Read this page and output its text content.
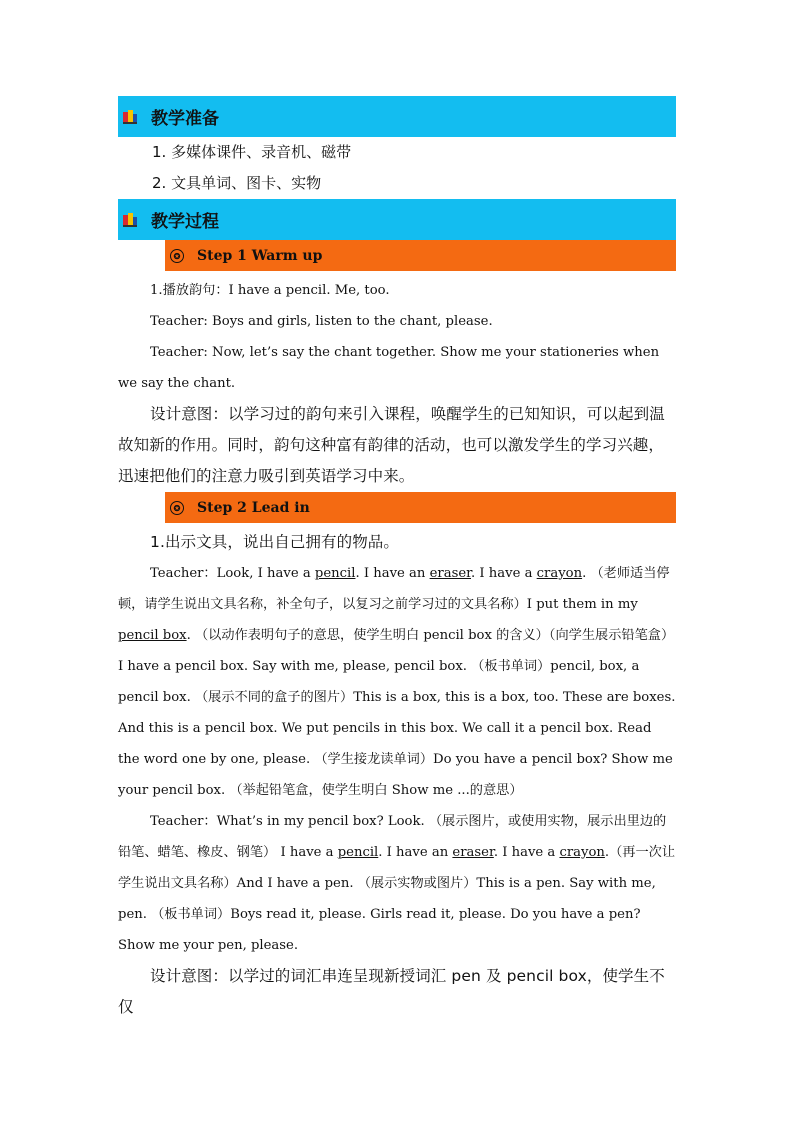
教学准备
1. 多媒体课件、录音机、磁带
2. 文具单词、图卡、实物
教学过程
✪ Step 1 Warm up

1.播放韵句：I have a pencil. Me, too.

Teacher: Boys and girls, listen to the chant, please.

Teacher: Now, let’s say the chant together. Show me your stationeries when we say the chant.

设计意图：以学习过的韵句来引入课程，唤醒学生的已知知识，可以起到温故知新的作用。同时，韵句这种富有韵律的活动，也可以激发学生的学习兴趣，迅速把他们的注意力吸引到英语学习中来。

✪ Step 2 Lead in

1.出示文具，说出自己拥有的物品。

Teacher：Look, I have a pencil. I have an eraser. I have a crayon. （老师适当停顿，请学生说出文具名称，补全句子，以复习之前学习过的文具名称）I put them in my pencil box. （以动作表明句子的意思，使学生明白 pencil box 的含义）（向学生展示铅笔盒）I have a pencil box. Say with me, please, pencil box. （板书单词）pencil, box, a pencil box. （展示不同的盒子的图片）This is a box, this is a box, too. These are boxes. And this is a pencil box. We put pencils in this box. We call it a pencil box. Read the word one by one, please. （学生接龙读单词）Do you have a pencil box? Show me your pencil box. （举起铅笔盒，使学生明白 Show me ...的意思）

Teacher：What’s in my pencil box? Look. （展示图片，或使用实物，展示出里边的铅笔、蜡笔、橡皮、钢笔） I have a pencil. I have an eraser. I have a crayon.（再一次让学生说出文具名称）And I have a pen. （展示实物或图片）This is a pen. Say with me, pen. （板书单词）Boys read it, please. Girls read it, please. Do you have a pen? Show me your pen, please.

设计意图：以学过的词汇串连呈现新授词汇 pen 及 pencil box，使学生不仅
